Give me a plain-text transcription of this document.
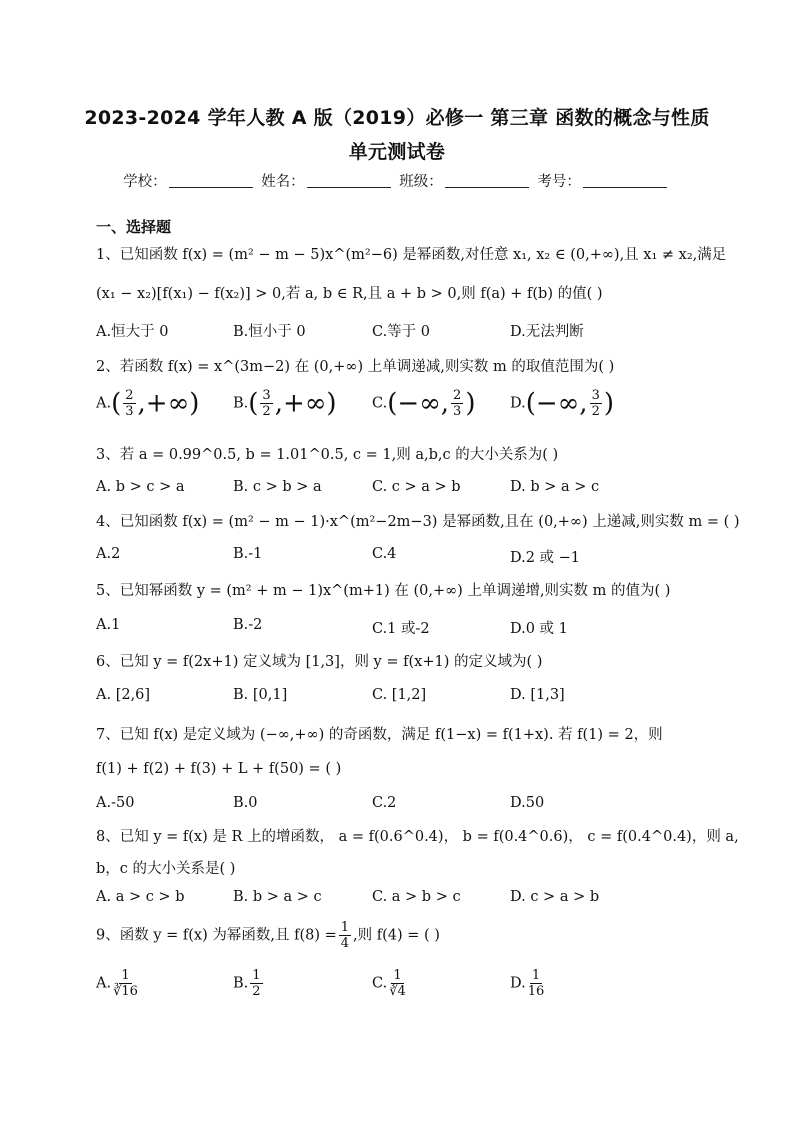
2023-2024 学年人教 A 版（2019）必修一 第三章 函数的概念与性质
单元测试卷
学校：	姓名：	班级：	考号：
一、选择题
1、已知函数 f(x) = (m² − m − 5)x^(m²−6) 是幂函数,对任意 x₁, x₂ ∈ (0,+∞),且 x₁ ≠ x₂,满足
(x₁ − x₂)[f(x₁) − f(x₂)] > 0,若 a, b ∈ R,且 a + b > 0,则 f(a) + f(b) 的值( )
A.恒大于 0	B.恒小于 0	C.等于 0	D.无法判断
2、若函数 f(x) = x^(3m−2) 在 (0,+∞) 上单调递减,则实数 m 的取值范围为( )
$A.( \frac{2}{3}$ ,+∞) $B.( \frac{3}{2}$ ,+∞) C.(−∞, $\frac{2}{3}$ ) D.(−∞, $\frac{3}{2}$ )
3、若 a = 0.99^0.5, b = 1.01^0.5, c = 1,则 a,b,c 的大小关系为( )
A. b > c > a	B. c > b > a	C. c > a > b	D. b > a > c
4、已知函数 f(x) = (m² − m − 1)·x^(m²−2m−3) 是幂函数,且在 (0,+∞) 上递减,则实数 m = ( )
A.2	B.-1	C.4	D.2 或 −1
5、已知幂函数 y = (m² + m − 1)x^(m+1) 在 (0,+∞) 上单调递增,则实数 m 的值为( )
A.1	B.-2	C.1 或-2	D.0 或 1
6、已知 y = f(2x+1) 定义域为 [1,3]，则 y = f(x+1) 的定义域为( )
A. [2,6]	B. [0,1]	C. [1,2]	D. [1,3]
7、已知 f(x) 是定义域为 (−∞,+∞) 的奇函数，满足 f(1−x) = f(1+x). 若 f(1) = 2，则
f(1) + f(2) + f(3) + L + f(50) = ( )
A.-50	B.0	C.2	D.50
8、已知 y = f(x) 是 R 上的增函数， a = f(0.6^0.4)， b = f(0.4^0.6)， c = f(0.4^0.4)，则 a,
b，c 的大小关系是( )
A. a > c > b	B. b > a > c	C. a > b > c	D. c > a > b
9、函数 y = f(x) 为幂函数,且 $f(8) = \frac{1}{4}$ ,则 f(4) = ( )
A. $\frac{1}{∛16}$	B. $\frac{1}{2}$	C. $\frac{1}{∛4}$	D. $\frac{1}{16}$
